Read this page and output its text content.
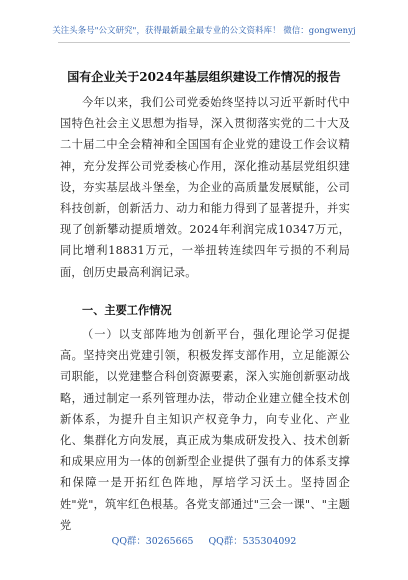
关注头条号"公文研究"，获得最新最全最专业的公文资料库！ 微信：gongwenyj
国有企业关于2024年基层组织建设工作情况的报告
今年以来，我们公司党委始终坚持以习近平新时代中国特色社会主义思想为指导，深入贯彻落实党的二十大及二十届二中全会精神和全国国有企业党的建设工作会议精神，充分发挥公司党委核心作用，深化推动基层党组织建设，夯实基层战斗堡垒，为企业的高质量发展赋能，公司科技创新，创新活力、动力和能力得到了显著提升，并实现了创新攀动提质增效。2024年利润完成10347万元，同比增利18831万元，一举扭转连续四年亏损的不利局面，创历史最高利润记录。
一、主要工作情况
（一）以支部阵地为创新平台，强化理论学习促提高。坚持突出党建引领，积极发挥支部作用，立足能源公司职能，以党建整合科创资源要素，深入实施创新驱动战略，通过制定一系列管理办法，带动企业建立健全技术创新体系，为提升自主知识产权竞争力，向专业化、产业化、集群化方向发展，真正成为集成研发投入、技术创新和成果应用为一体的创新型企业提供了强有力的体系支撑和保障一是开拓红色阵地，厚培学习沃土。坚持固企姓"党"，筑牢红色根基。各党支部通过"三会一课"、"主题党
QQ群：30265665 QQ群：535304092
